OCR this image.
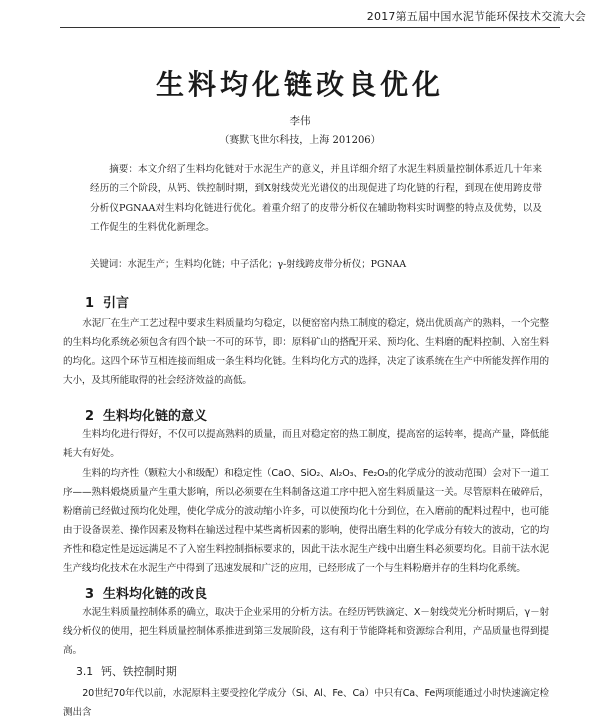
2017第五届中国水泥节能环保技术交流大会
生料均化链改良优化
李伟
（赛默飞世尔科技，上海 201206）
摘要：本文介绍了生料均化链对于水泥生产的意义，并且详细介绍了水泥生料质量控制体系近几十年来经历的三个阶段，从钙、铁控制时期，到X射线荧光光谱仪的出现促进了均化链的行程，到现在使用跨皮带分析仪PGNAA对生料均化链进行优化。着重介绍了的皮带分析仪在辅助物料实时调整的特点及优势，以及工作促生的生料优化新理念。
关键词：水泥生产；生料均化链；中子活化；γ-射线跨皮带分析仪；PGNAA
1 引言
水泥厂在生产工艺过程中要求生料质量均匀稳定，以便窑窑内热工制度的稳定，烧出优质高产的熟料，一个完整的生料均化系统必须包含有四个缺一不可的环节，即：原料矿山的搭配开采、预均化、生料磨的配料控制、入窑生料的均化。这四个环节互相连接而组成一条生料均化链。生料均化方式的选择，决定了该系统在生产中所能发挥作用的大小，及其所能取得的社会经济效益的高低。
2 生料均化链的意义
生料均化进行得好，不仅可以提高熟料的质量，而且对稳定窑的热工制度，提高窑的运转率，提高产量，降低能耗大有好处。
生料的均齐性（颗粒大小和级配）和稳定性（CaO、SiO₂、Al₂O₃、Fe₂O₃的化学成分的波动范围）会对下一道工序——熟料煅烧质量产生重大影响，所以必须要在生料制备这道工序中把入窑生料质量这一关。尽管原料在破碎后，粉磨前已经做过预均化处理，使化学成分的波动缩小许多，可以使预均化十分到位，在入磨前的配料过程中，也可能由于设备误差、操作因素及物料在输送过程中某些离析因素的影响，使得出磨生料的化学成分有较大的波动，它的均齐性和稳定性是远远满足不了入窑生料控制指标要求的，因此干法水泥生产线中出磨生料必须要均化。目前干法水泥生产线均化技术在水泥生产中得到了迅速发展和广泛的应用，已经形成了一个与生料粉磨并存的生料均化系统。
3 生料均化链的改良
水泥生料质量控制体系的确立，取决于企业采用的分析方法。在经历钙铁滴定、X－射线荧光分析时期后，γ－射线分析仪的使用，把生料质量控制体系推进到第三发展阶段，这有利于节能降耗和资源综合利用，产品质量也得到提高。
3.1 钙、铁控制时期
20世纪70年代以前，水泥原料主要受控化学成分（Si、Al、Fe、Ca）中只有Ca、Fe两项能通过小时快速滴定检测出含
